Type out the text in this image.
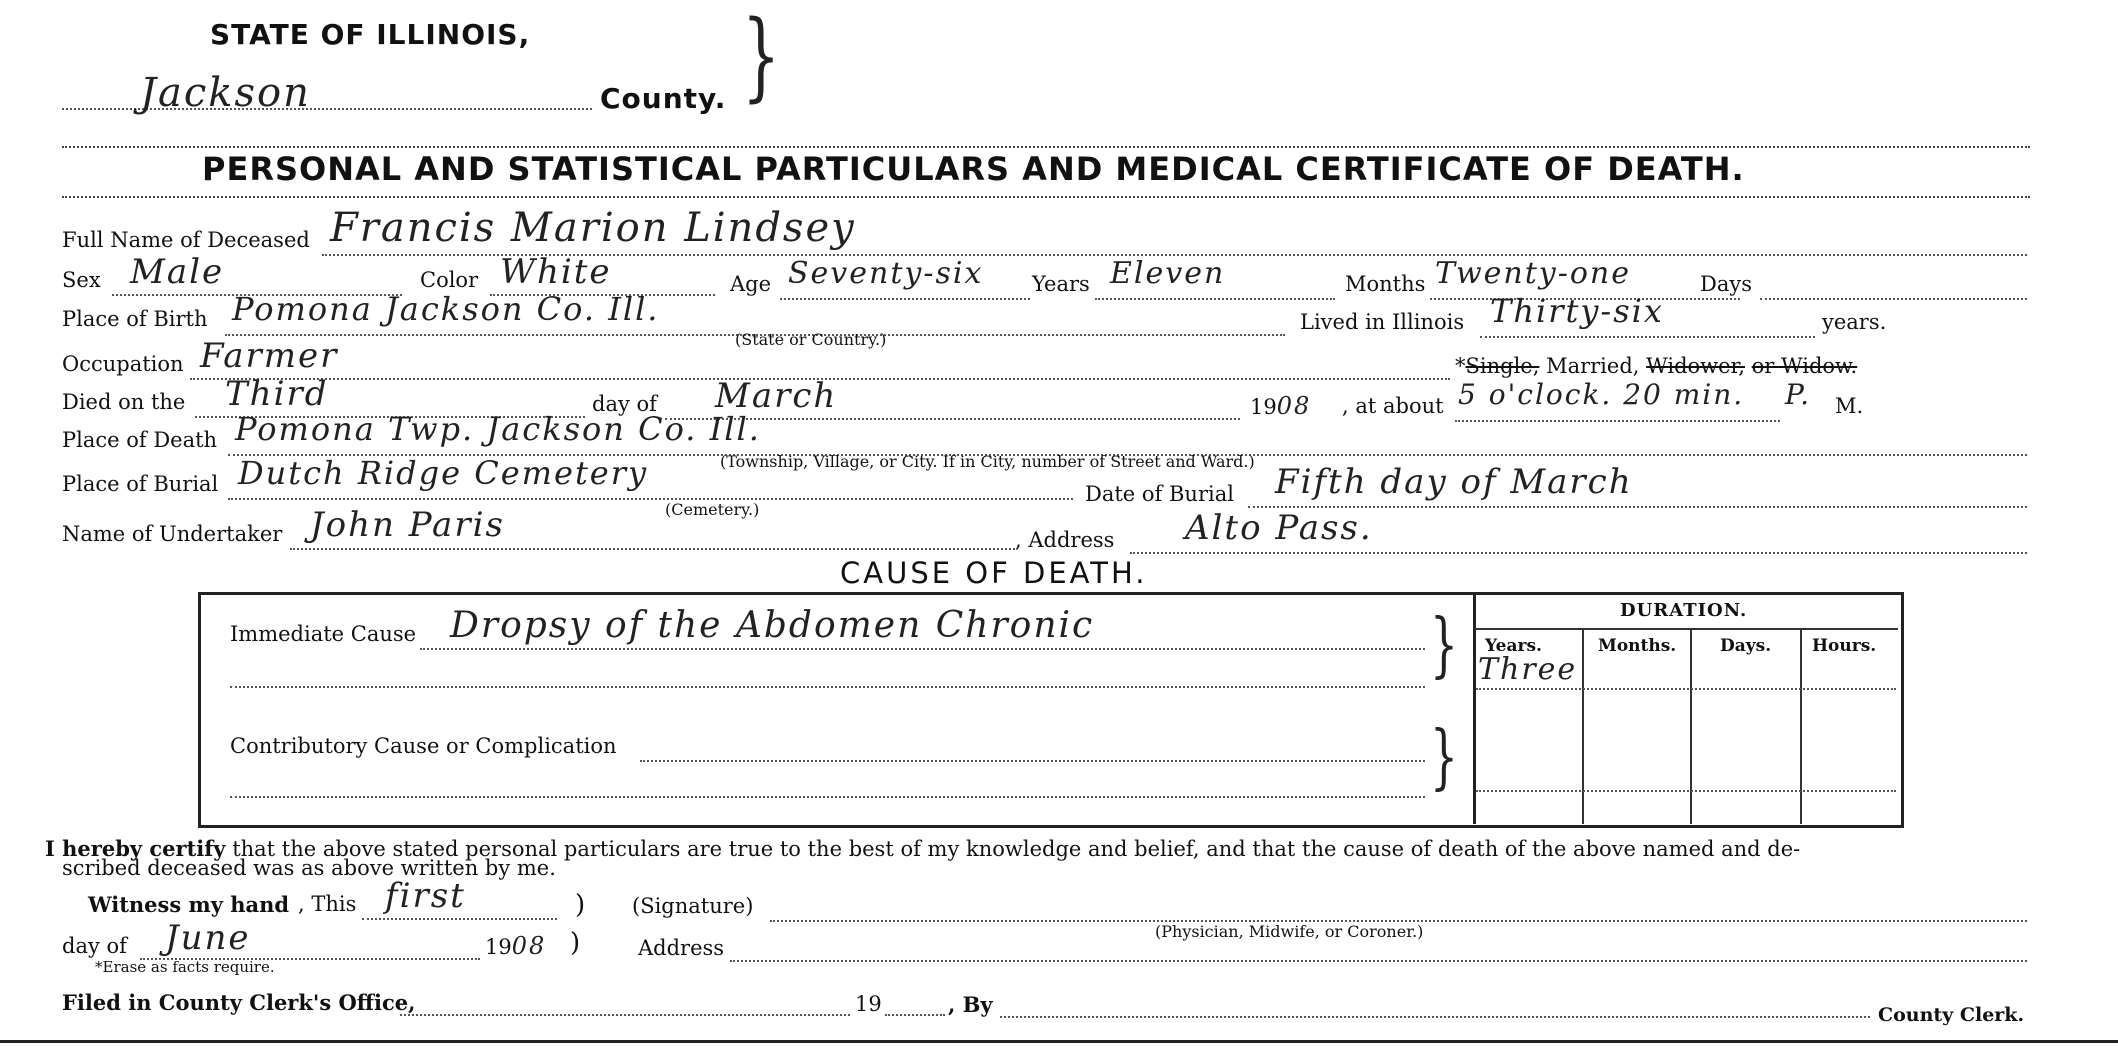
STATE OF ILLINOIS,
Jackson	County. }
PERSONAL AND STATISTICAL PARTICULARS AND MEDICAL CERTIFICATE OF DEATH.
Full Name of Deceased Francis Marion Lindsey
Sex Male	Color White	Age Seventy-six Years Eleven	Months Twenty-one	Days
Place of Birth Pomona Jackson Co. Ill.
(State or Country.)
Lived in Illinois Thirty-six	years.
Occupation Farmer	*Single, Married, Widower, or Widow.
Died on the Third	day of March	1908 , at about 5 o'clock. 20 min. P. M.
Place of Death Pomona Twp. Jackson Co. Ill.
(Township, Village, or City. If in City, number of Street and Ward.)
Place of Burial Dutch Ridge Cemetery
(Cemetery.)
Date of Burial Fifth day of March
Name of Undertaker John Paris	, Address Alto Pass.
CAUSE OF DEATH.
Immediate Cause Dropsy of the Abdomen Chronic	}
Contributory Cause or Complication	}
DURATION.
Years.	Months.	Days. Hours.
Three
I hereby certify that the above stated personal particulars are true to the best of my knowledge and belief, and that the cause of death of the above named and de-
scribed deceased was as above written by me.
Witness my hand , This first	) (Signature)
(Physician, Midwife, or Coroner.)
day of June	1908 )
*Erase as facts require.
Address
Filed in County Clerk's Office,	19	, By	County Clerk.
